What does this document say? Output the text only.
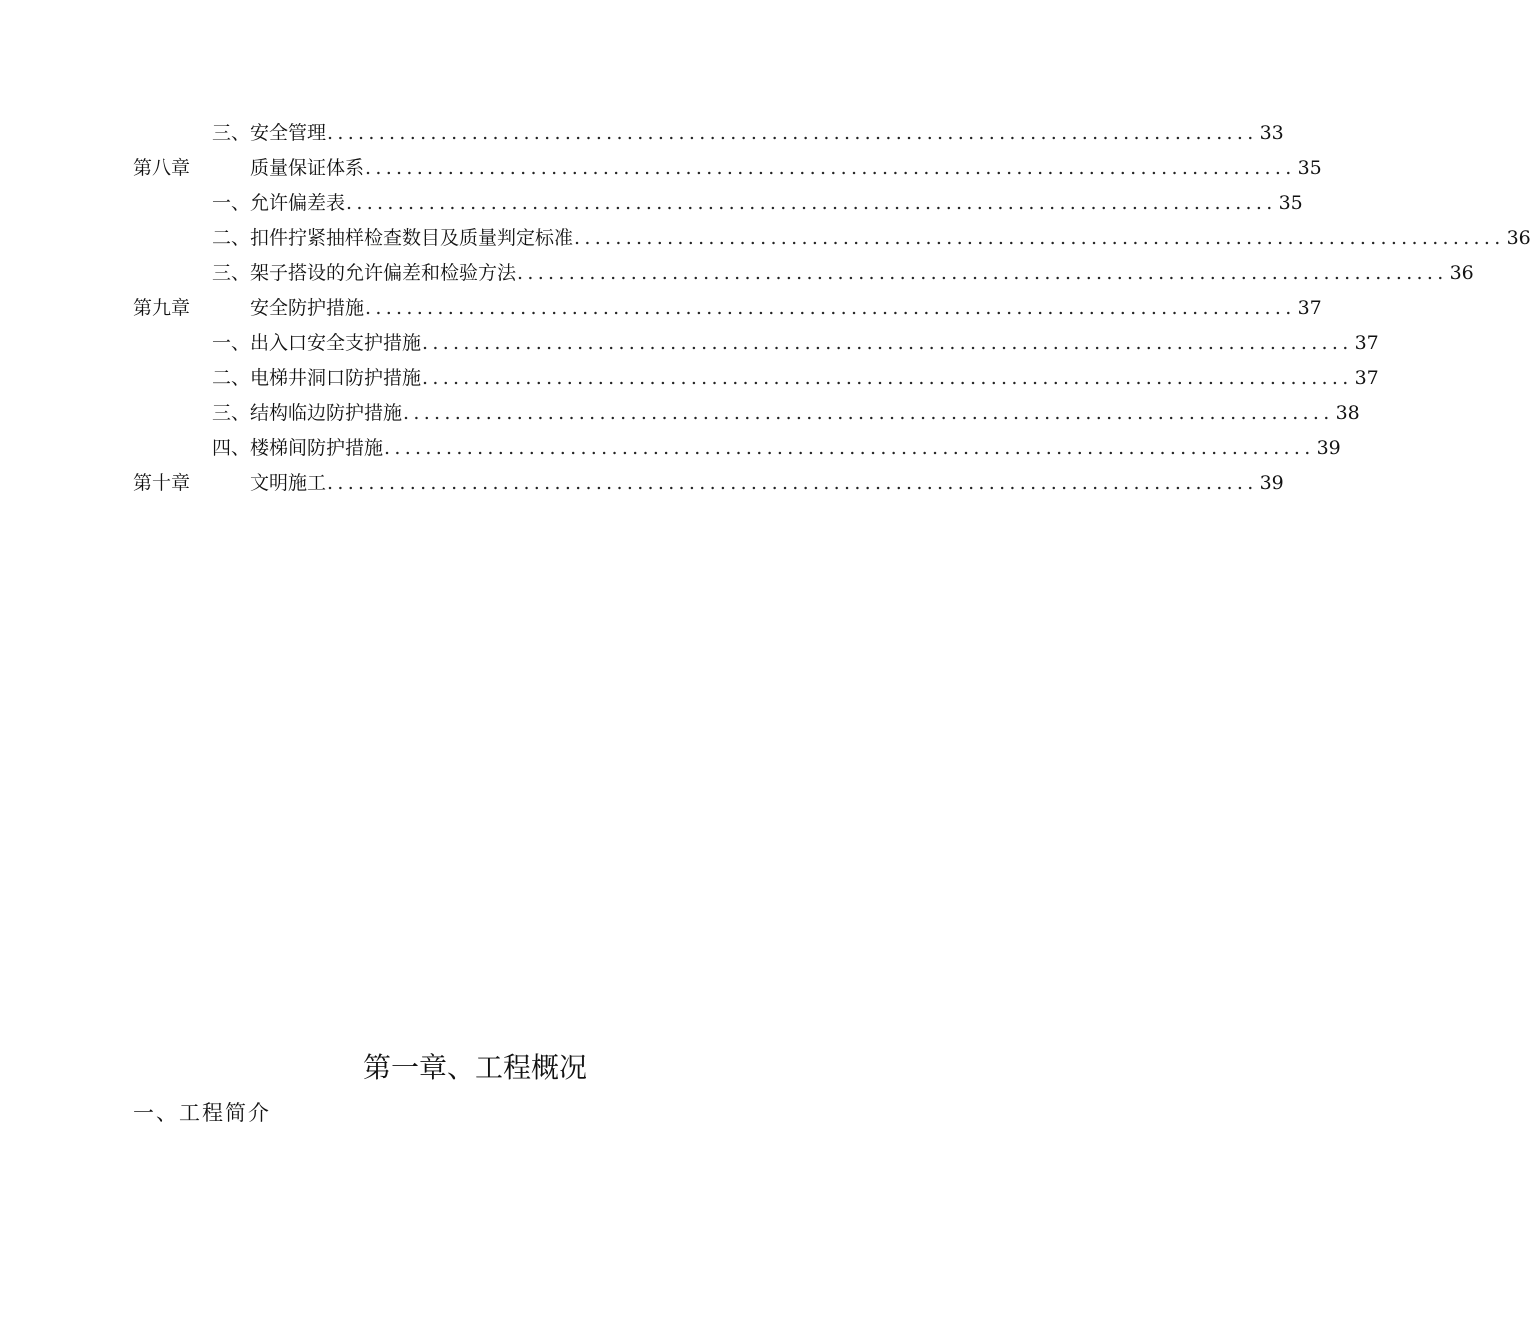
三、安全管理 .......................................................................................... 33
第八章	质量保证体系 .......................................................................................... 35
一、允许偏差表 .......................................................................................... 35
二、扣件拧紧抽样检查数目及质量判定标准 .......................................................................................... 36
三、架子搭设的允许偏差和检验方法 .......................................................................................... 36
第九章	安全防护措施 .......................................................................................... 37
一、出入口安全支护措施 .......................................................................................... 37
二、电梯井洞口防护措施 .......................................................................................... 37
三、结构临边防护措施 .......................................................................................... 38
四、楼梯间防护措施 .......................................................................................... 39
第十章	文明施工 .......................................................................................... 39
第一章、工程概况
一、工程简介
